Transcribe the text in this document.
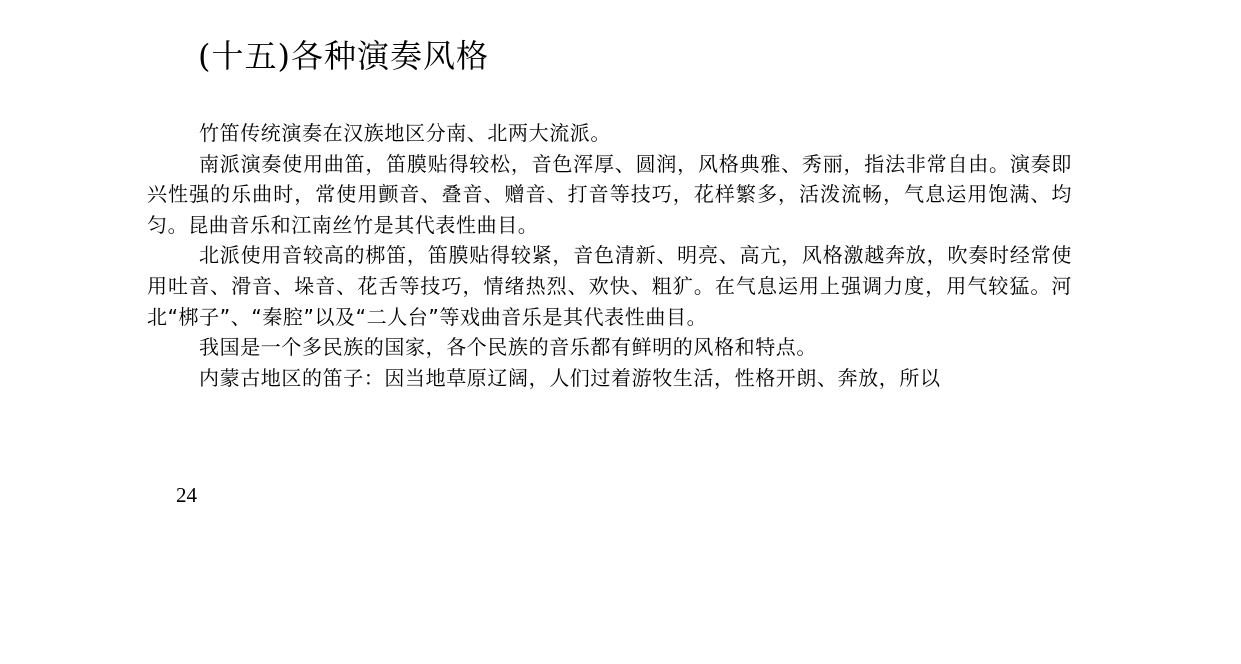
(十五)各种演奏风格

竹笛传统演奏在汉族地区分南、北两大流派。

南派演奏使用曲笛，笛膜贴得较松，音色浑厚、圆润，风格典雅、秀丽，指法非常自由。演奏即兴性强的乐曲时，常使用颤音、叠音、赠音、打音等技巧，花样繁多，活泼流畅，气息运用饱满、均匀。昆曲音乐和江南丝竹是其代表性曲目。

北派使用音较高的梆笛，笛膜贴得较紧，音色清新、明亮、高亢，风格激越奔放，吹奏时经常使用吐音、滑音、垛音、花舌等技巧，情绪热烈、欢快、粗犷。在气息运用上强调力度，用气较猛。河北“梆子”、“秦腔”以及“二人台”等戏曲音乐是其代表性曲目。

我国是一个多民族的国家，各个民族的音乐都有鲜明的风格和特点。

内蒙古地区的笛子：因当地草原辽阔，人们过着游牧生活，性格开朗、奔放，所以

24
